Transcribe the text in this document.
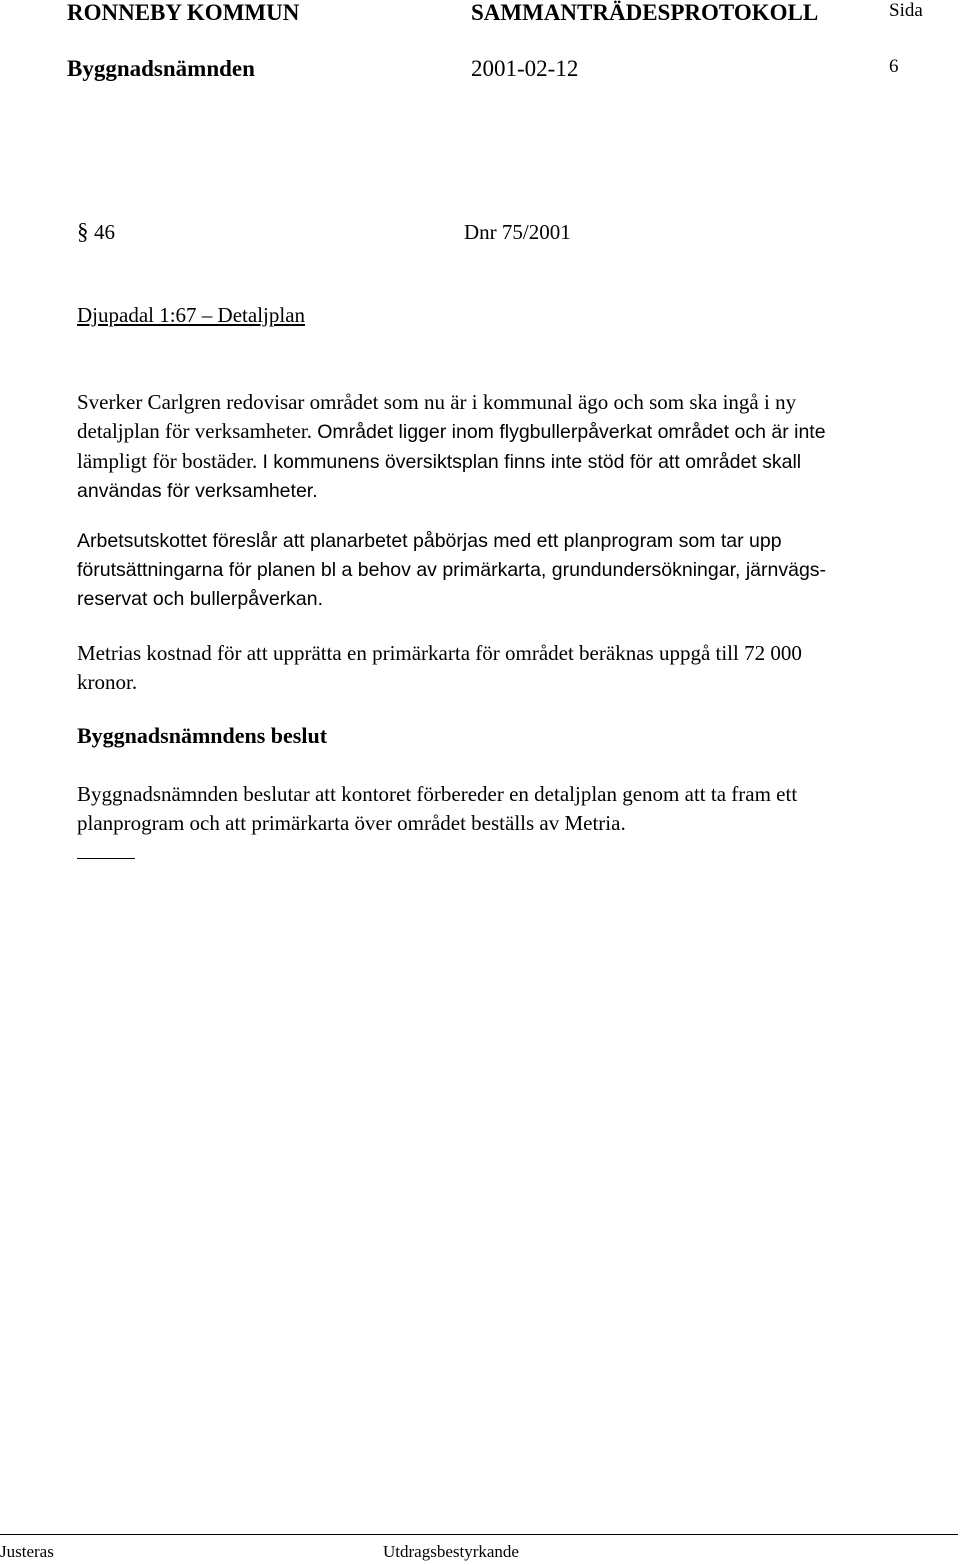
RONNEBY KOMMUN	SAMMANTRÄDESPROTOKOLL	Sida
Byggnadsnämnden	2001-02-12	6
§ 46	Dnr 75/2001
Djupadal 1:67 – Detaljplan
Sverker Carlgren redovisar området som nu är i kommunal ägo och som ska ingå i ny
detaljplan för verksamheter. Området ligger inom flygbullerpåverkat området och är inte
lämpligt för bostäder. I kommunens översiktsplan finns inte stöd för att området skall
användas för verksamheter.
Arbetsutskottet föreslår att planarbetet påbörjas med ett planprogram som tar upp
förutsättningarna för planen bl a behov av primärkarta, grundundersökningar, järnvägs-
reservat och bullerpåverkan.
Metrias kostnad för att upprätta en primärkarta för området beräknas uppgå till 72 000
kronor.
Byggnadsnämndens beslut
Byggnadsnämnden beslutar att kontoret förbereder en detaljplan genom att ta fram ett
planprogram och att primärkarta över området beställs av Metria.
Justeras	Utdragsbestyrkande
